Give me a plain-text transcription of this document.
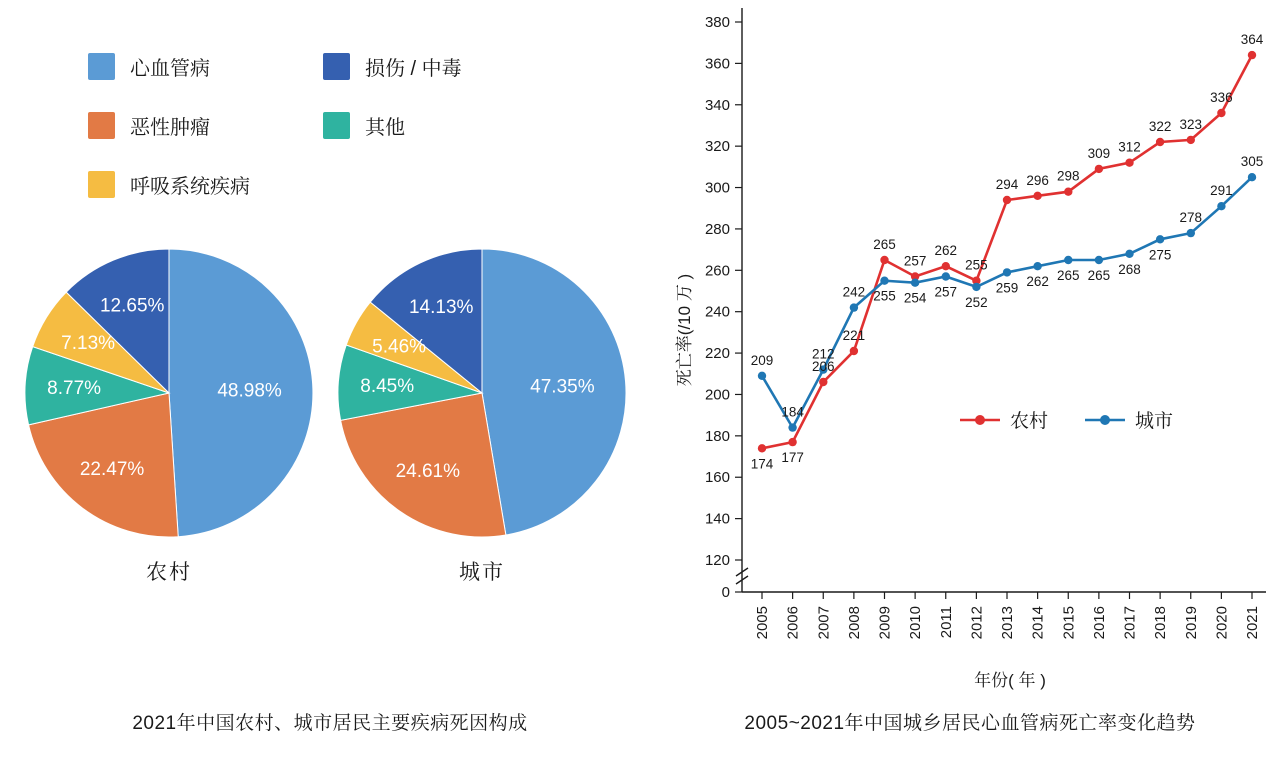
心血管病	损伤 / 中毒
恶性肿瘤	其他
呼吸系统疾病
48.98%
22.47%
8.77%
7.13%
12.65%
农村
47.35%
24.61%
8.45%
5.46%
14.13%
城市
2021年中国农村、城市居民主要疾病死因构成
0
120
140
160
180
200
220
240
260
280
300
320
340
360
380
2005 2006 2007 2008 2009 2010 2011 2012 2013 2014 2015 2016 2017 2018 2019 2020 2021
174 177
206
221
265
257
262
255
294 296 298
309 312
322 323
336
364
209
184
212
242 255 254 257
252
259 262 265 265 268
275
278
291
305
农村	城市
死亡率(/10 万 )
年份( 年 )
2005~2021年中国城乡居民心血管病死亡率变化趋势
